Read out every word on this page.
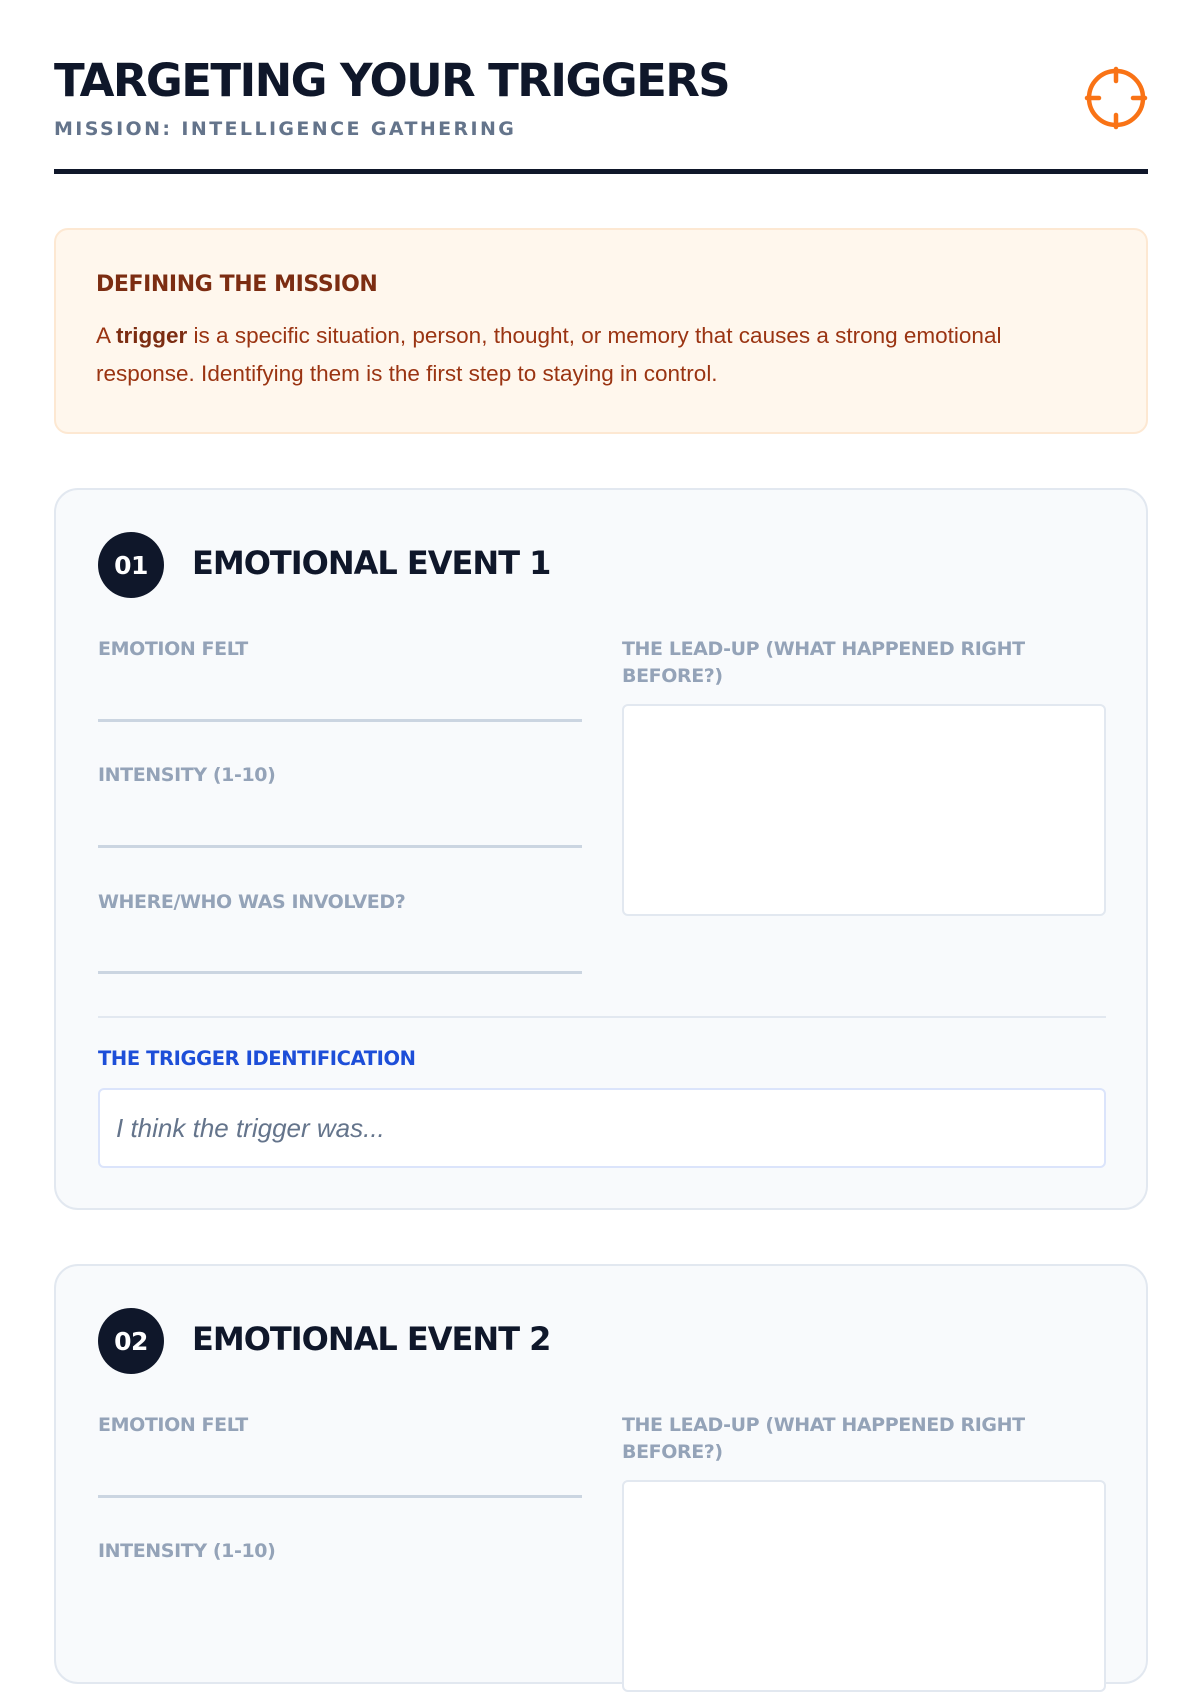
TARGETING YOUR TRIGGERS
MISSION: INTELLIGENCE GATHERING
DEFINING THE MISSION
A trigger is a specific situation, person, thought, or memory that causes a strong emotional response. Identifying them is the first step to staying in control.
01	EMOTIONAL EVENT 1
EMOTION FELT
INTENSITY (1-10)
WHERE/WHO WAS INVOLVED?
THE LEAD-UP (WHAT HAPPENED RIGHT BEFORE?)
THE TRIGGER IDENTIFICATION
I think the trigger was...
02	EMOTIONAL EVENT 2
EMOTION FELT
INTENSITY (1-10)
THE LEAD-UP (WHAT HAPPENED RIGHT BEFORE?)
